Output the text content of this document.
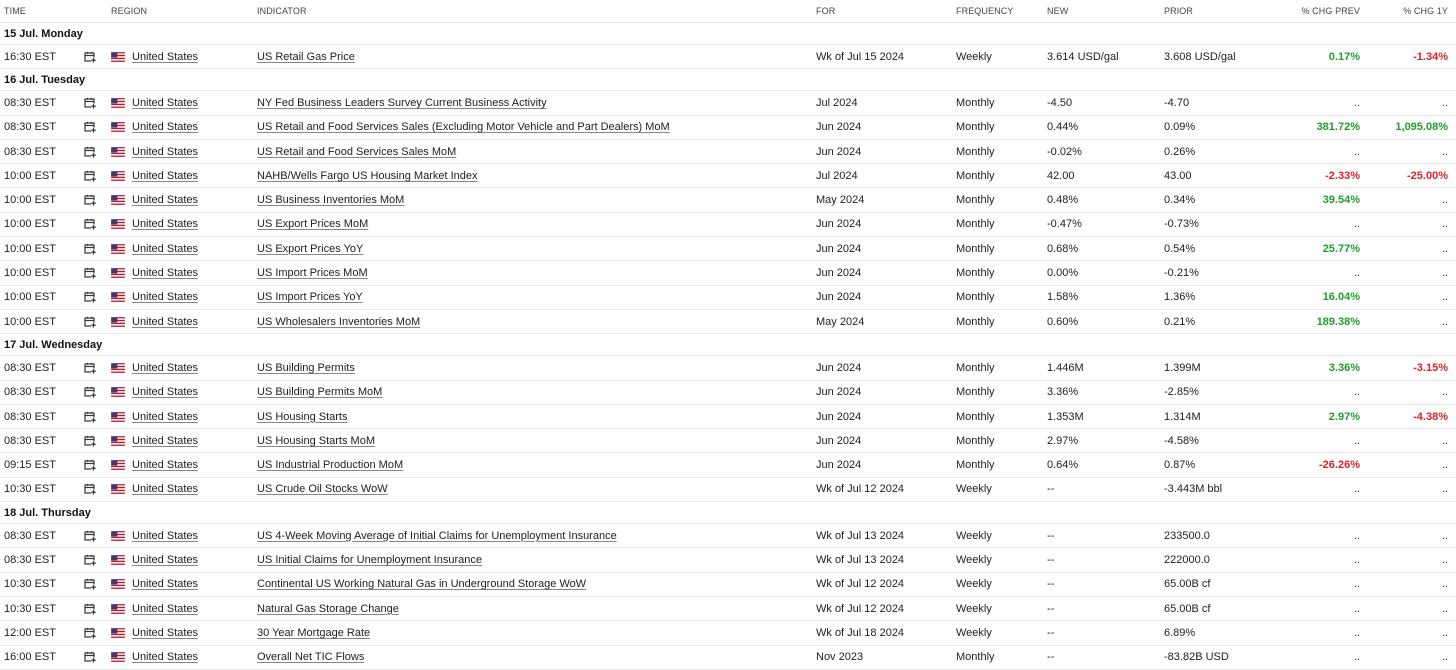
TIME	REGION	INDICATOR	FOR	FREQUENCY	NEW	PRIOR	% CHG PREV	% CHG 1Y
15 Jul. Monday
16:30 EST	United States	US Retail Gas Price	Wk of Jul 15 2024	Weekly	3.614 USD/gal	3.608 USD/gal	0.17%	-1.34%
16 Jul. Tuesday
08:30 EST	United States	NY Fed Business Leaders Survey Current Business Activity	Jul 2024	Monthly	-4.50	-4.70	..	..
08:30 EST	United States	US Retail and Food Services Sales (Excluding Motor Vehicle and Part Dealers) MoM	Jun 2024	Monthly	0.44%	0.09%	381.72%	1,095.08%
08:30 EST	United States	US Retail and Food Services Sales MoM	Jun 2024	Monthly	-0.02%	0.26%	..	..
10:00 EST	United States	NAHB/Wells Fargo US Housing Market Index	Jul 2024	Monthly	42.00	43.00	-2.33%	-25.00%
10:00 EST	United States	US Business Inventories MoM	May 2024	Monthly	0.48%	0.34%	39.54%	..
10:00 EST	United States	US Export Prices MoM	Jun 2024	Monthly	-0.47%	-0.73%	..	..
10:00 EST	United States	US Export Prices YoY	Jun 2024	Monthly	0.68%	0.54%	25.77%	..
10:00 EST	United States	US Import Prices MoM	Jun 2024	Monthly	0.00%	-0.21%	..	..
10:00 EST	United States	US Import Prices YoY	Jun 2024	Monthly	1.58%	1.36%	16.04%	..
10:00 EST	United States	US Wholesalers Inventories MoM	May 2024	Monthly	0.60%	0.21%	189.38%	..
17 Jul. Wednesday
08:30 EST	United States	US Building Permits	Jun 2024	Monthly	1.446M	1.399M	3.36%	-3.15%
08:30 EST	United States	US Building Permits MoM	Jun 2024	Monthly	3.36%	-2.85%	..	..
08:30 EST	United States	US Housing Starts	Jun 2024	Monthly	1.353M	1.314M	2.97%	-4.38%
08:30 EST	United States	US Housing Starts MoM	Jun 2024	Monthly	2.97%	-4.58%	..	..
09:15 EST	United States	US Industrial Production MoM	Jun 2024	Monthly	0.64%	0.87%	-26.26%	..
10:30 EST	United States	US Crude Oil Stocks WoW	Wk of Jul 12 2024	Weekly	--	-3.443M bbl	..	..
18 Jul. Thursday
08:30 EST	United States	US 4-Week Moving Average of Initial Claims for Unemployment Insurance	Wk of Jul 13 2024	Weekly	--	233500.0	..	..
08:30 EST	United States	US Initial Claims for Unemployment Insurance	Wk of Jul 13 2024	Weekly	--	222000.0	..	..
10:30 EST	United States	Continental US Working Natural Gas in Underground Storage WoW	Wk of Jul 12 2024	Weekly	--	65.00B cf	..	..
10:30 EST	United States	Natural Gas Storage Change	Wk of Jul 12 2024	Weekly	--	65.00B cf	..	..
12:00 EST	United States	30 Year Mortgage Rate	Wk of Jul 18 2024	Weekly	--	6.89%	..	..
16:00 EST	United States	Overall Net TIC Flows	Nov 2023	Monthly	--	-83.82B USD	..	..
